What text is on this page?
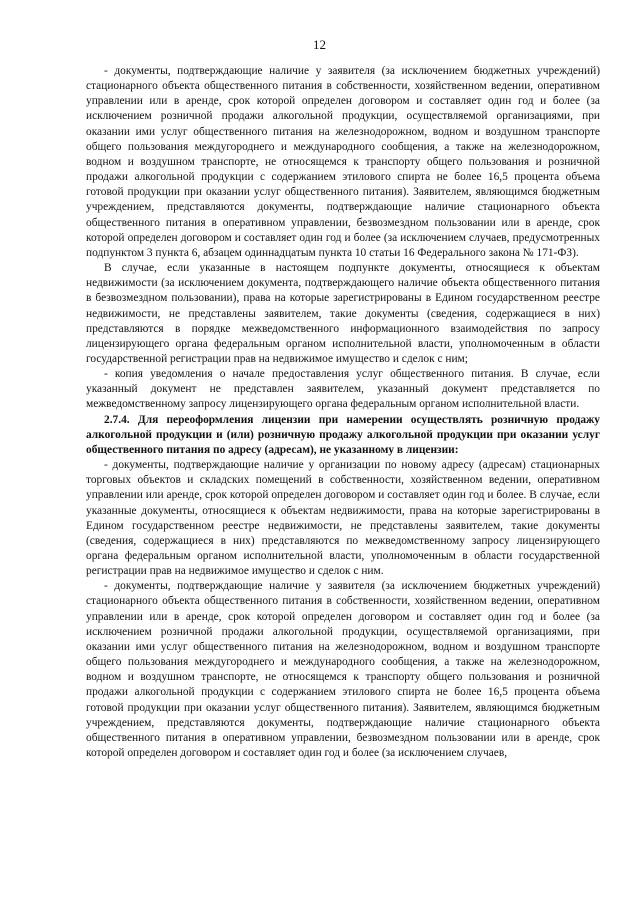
12

- документы, подтверждающие наличие у заявителя (за исключением бюджетных учреждений) стационарного объекта общественного питания в собственности, хозяйственном ведении, оперативном управлении или в аренде, срок которой определен договором и составляет один год и более (за исключением розничной продажи алкогольной продукции, осуществляемой организациями, при оказании ими услуг общественного питания на железнодорожном, водном и воздушном транспорте общего пользования междугороднего и международного сообщения, а также на железнодорожном, водном и воздушном транспорте, не относящемся к транспорту общего пользования и розничной продажи алкогольной продукции с содержанием этилового спирта не более 16,5 процента объема готовой продукции при оказании услуг общественного питания). Заявителем, являющимся бюджетным учреждением, представляются документы, подтверждающие наличие стационарного объекта общественного питания в оперативном управлении, безвозмездном пользовании или в аренде, срок которой определен договором и составляет один год и более (за исключением случаев, предусмотренных подпунктом 3 пункта 6, абзацем одиннадцатым пункта 10 статьи 16 Федерального закона № 171-ФЗ).

В случае, если указанные в настоящем подпункте документы, относящиеся к объектам недвижимости (за исключением документа, подтверждающего наличие объекта общественного питания в безвозмездном пользовании), права на которые зарегистрированы в Едином государственном реестре недвижимости, не представлены заявителем, такие документы (сведения, содержащиеся в них) представляются в порядке межведомственного информационного взаимодействия по запросу лицензирующего органа федеральным органом исполнительной власти, уполномоченным в области государственной регистрации прав на недвижимое имущество и сделок с ним;

- копия уведомления о начале предоставления услуг общественного питания. В случае, если указанный документ не представлен заявителем, указанный документ представляется по межведомственному запросу лицензирующего органа федеральным органом исполнительной власти.

2.7.4. Для переоформления лицензии при намерении осуществлять розничную продажу алкогольной продукции и (или) розничную продажу алкогольной продукции при оказании услуг общественного питания по адресу (адресам), не указанному в лицензии:

- документы, подтверждающие наличие у организации по новому адресу (адресам) стационарных торговых объектов и складских помещений в собственности, хозяйственном ведении, оперативном управлении или аренде, срок которой определен договором и составляет один год и более. В случае, если указанные документы, относящиеся к объектам недвижимости, права на которые зарегистрированы в Едином государственном реестре недвижимости, не представлены заявителем, такие документы (сведения, содержащиеся в них) представляются по межведомственному запросу лицензирующего органа федеральным органом исполнительной власти, уполномоченным в области государственной регистрации прав на недвижимое имущество и сделок с ним.

- документы, подтверждающие наличие у заявителя (за исключением бюджетных учреждений) стационарного объекта общественного питания в собственности, хозяйственном ведении, оперативном управлении или в аренде, срок которой определен договором и составляет один год и более (за исключением розничной продажи алкогольной продукции, осуществляемой организациями, при оказании ими услуг общественного питания на железнодорожном, водном и воздушном транспорте общего пользования междугороднего и международного сообщения, а также на железнодорожном, водном и воздушном транспорте, не относящемся к транспорту общего пользования и розничной продажи алкогольной продукции с содержанием этилового спирта не более 16,5 процента объема готовой продукции при оказании услуг общественного питания). Заявителем, являющимся бюджетным учреждением, представляются документы, подтверждающие наличие стационарного объекта общественного питания в оперативном управлении, безвозмездном пользовании или в аренде, срок которой определен договором и составляет один год и более (за исключением случаев,
